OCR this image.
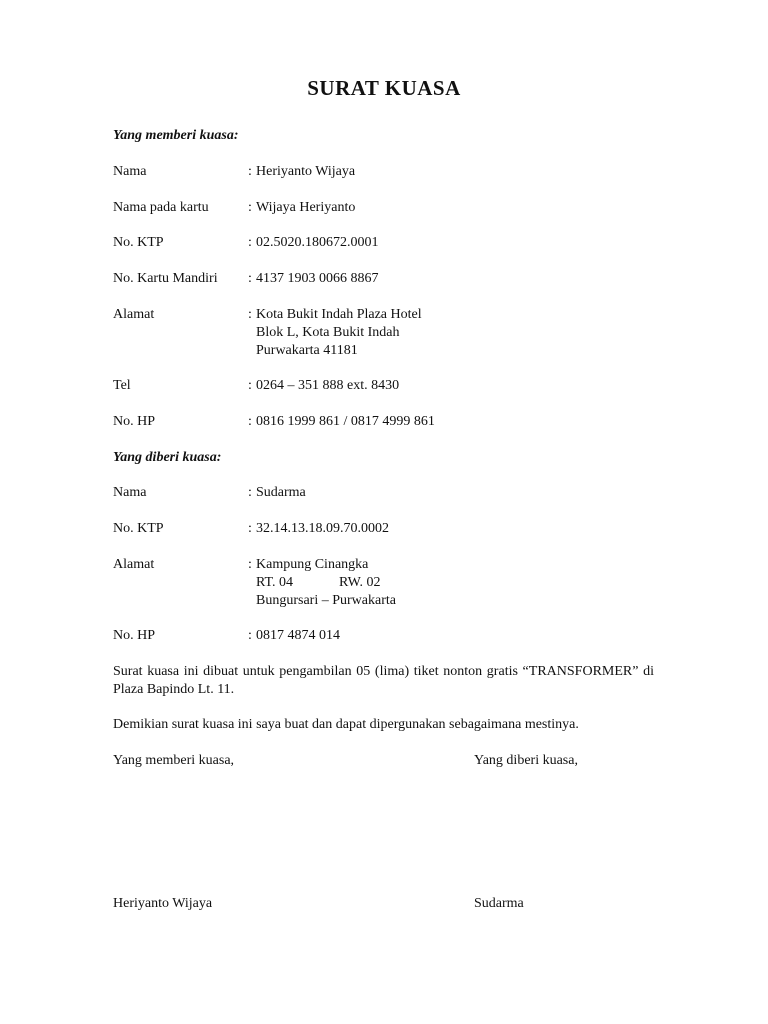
SURAT KUASA
Yang memberi kuasa:
Nama	: Heriyanto Wijaya
Nama pada kartu	: Wijaya Heriyanto
No. KTP	: 02.5020.180672.0001
No. Kartu Mandiri : 4137 1903 0066 8867
Alamat	: Kota Bukit Indah Plaza Hotel
Blok L, Kota Bukit Indah
Purwakarta 41181
Tel	: 0264 – 351 888 ext. 8430
No. HP	: 0816 1999 861 / 0817 4999 861
Yang diberi kuasa:
Nama	: Sudarma
No. KTP	: 32.14.13.18.09.70.0002
Alamat	: Kampung Cinangka
RT. 04	RW. 02
Bungursari – Purwakarta
No. HP	: 0817 4874 014
Surat kuasa ini dibuat untuk pengambilan 05 (lima) tiket nonton gratis “TRANSFORMER” di Plaza Bapindo Lt. 11.
Demikian surat kuasa ini saya buat dan dapat dipergunakan sebagaimana mestinya.
Yang memberi kuasa,	Yang diberi kuasa,
Heriyanto Wijaya	Sudarma
